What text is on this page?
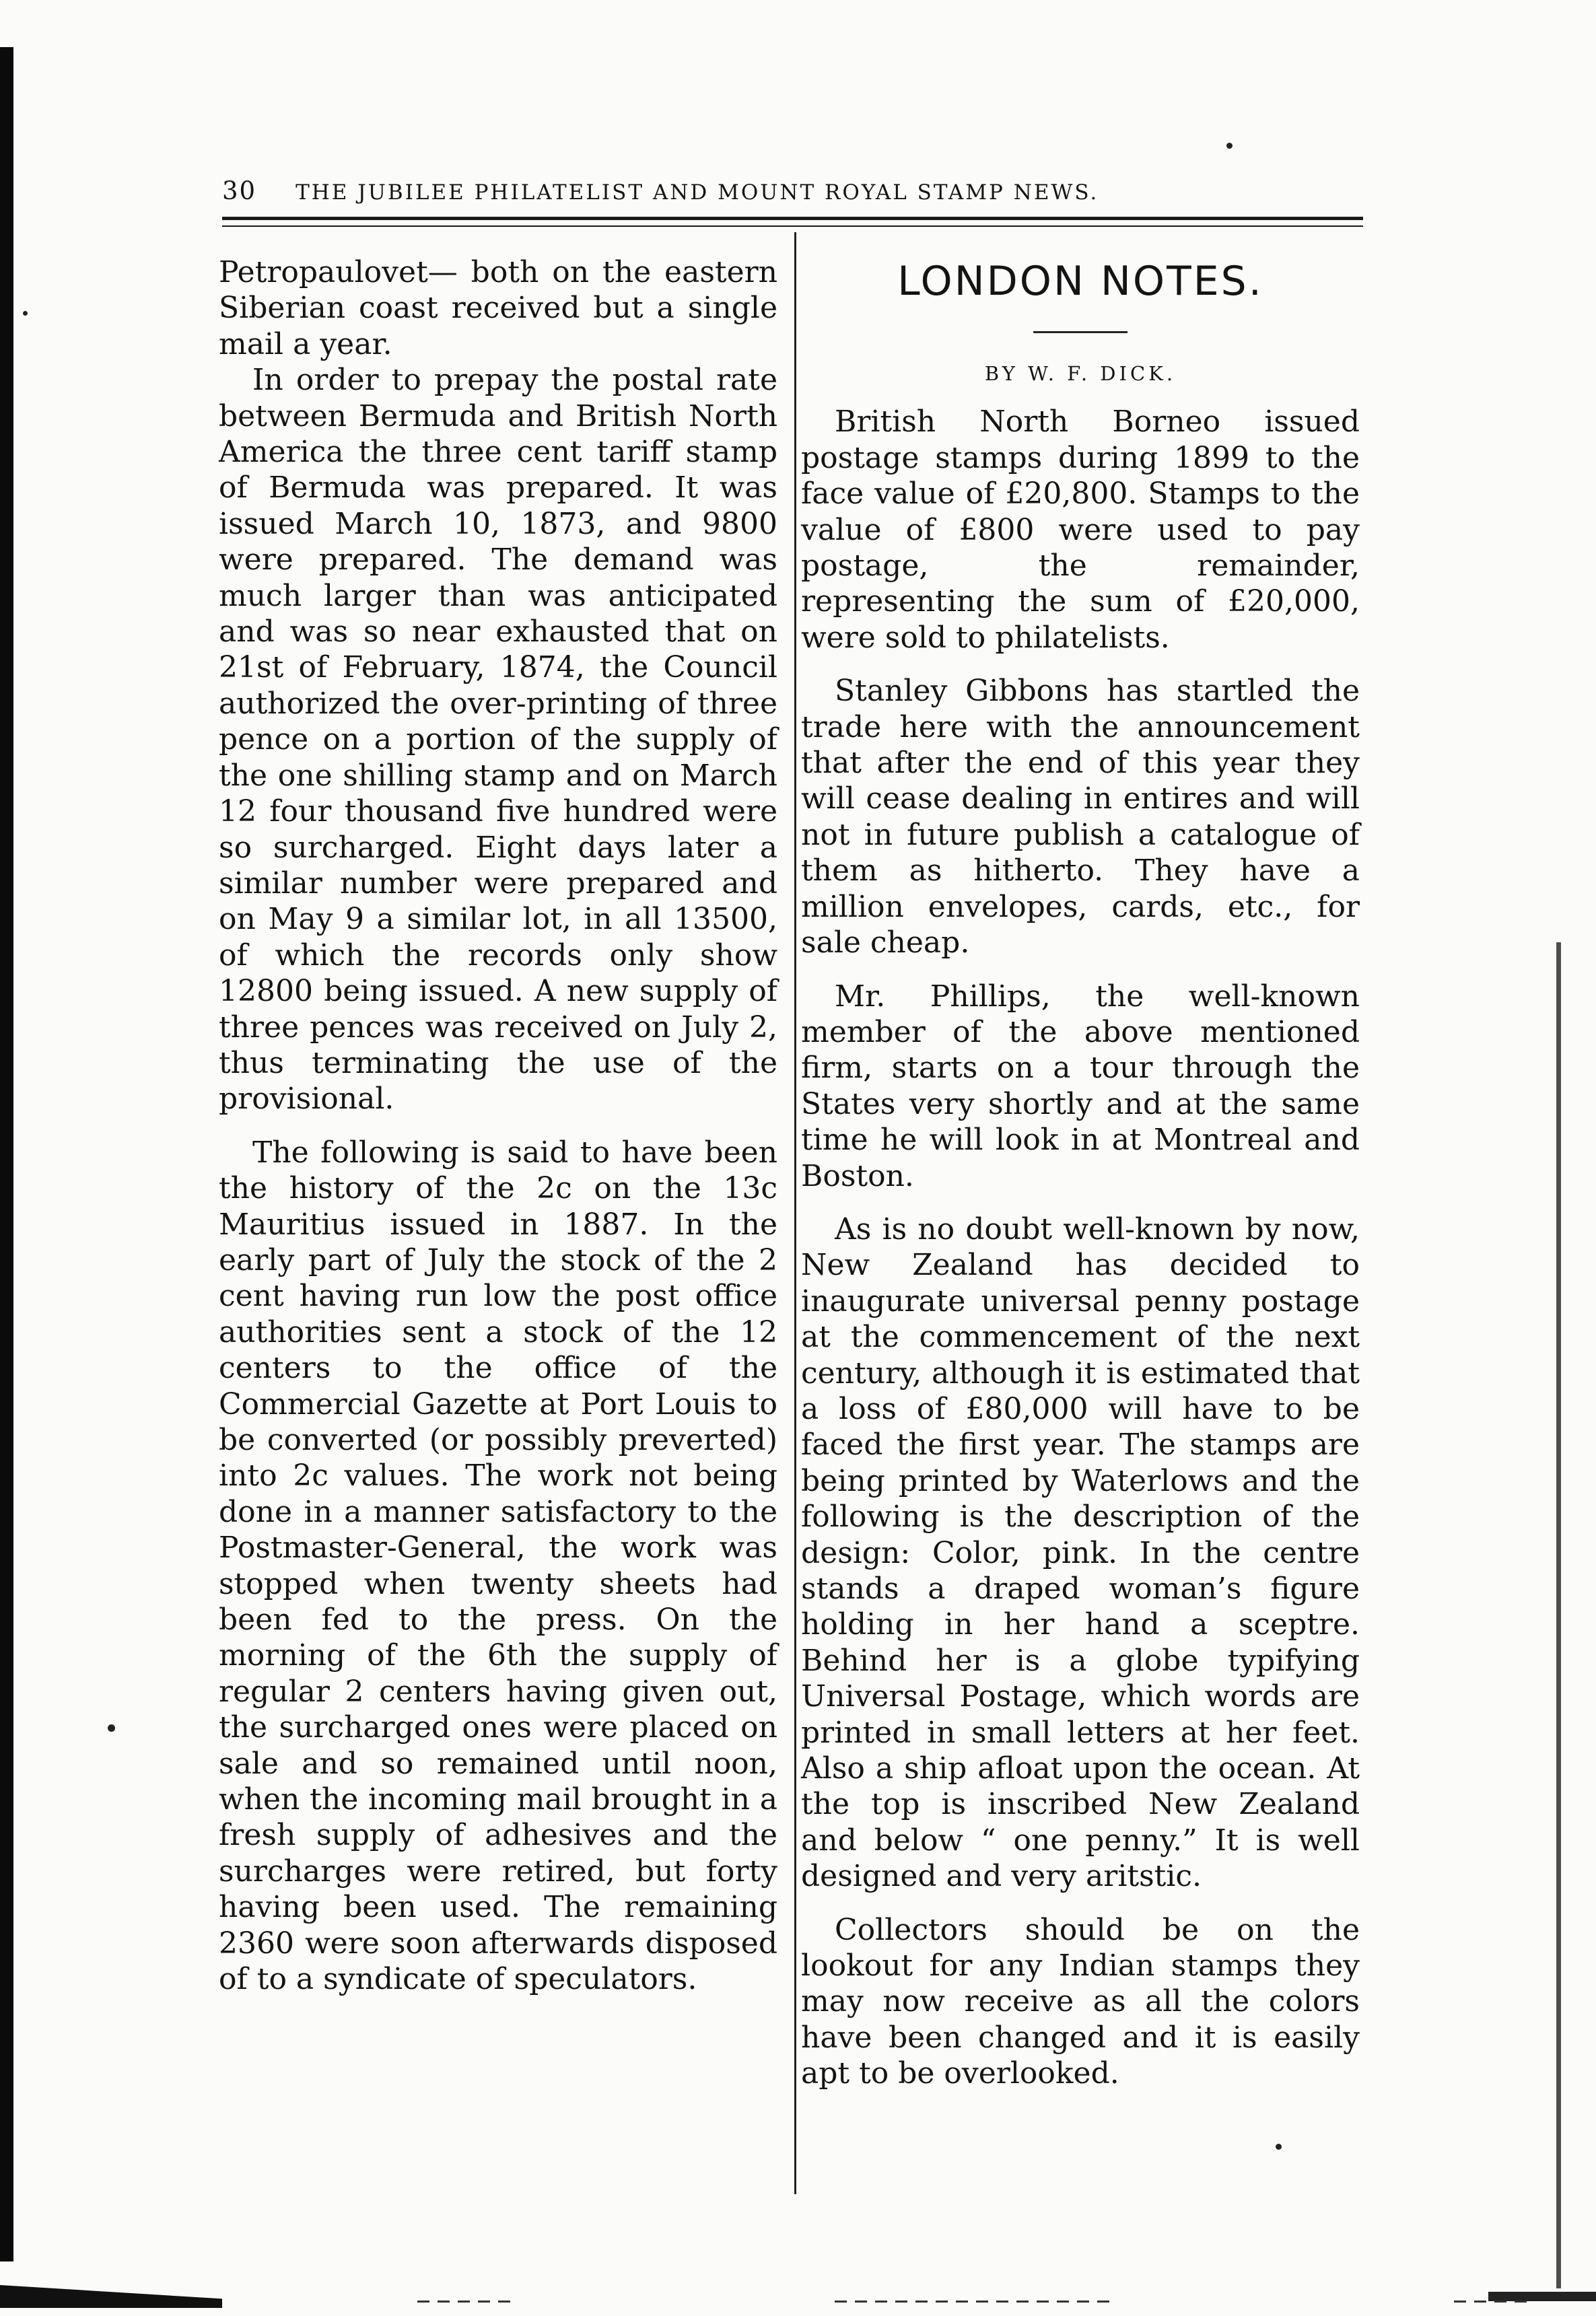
30 THE JUBILEE PHILATELIST AND MOUNT ROYAL STAMP NEWS.

Petropaulovet— both on the eastern Siberian coast received but a single mail a year.

In order to prepay the postal rate between Bermuda and British North America the three cent tariff stamp of Bermuda was prepared. It was issued March 10, 1873, and 9800 were prepared. The demand was much larger than was anticipated and was so near exhausted that on 21st of February, 1874, the Council authorized the over-printing of three pence on a portion of the supply of the one shilling stamp and on March 12 four thousand five hundred were so surcharged. Eight days later a similar number were prepared and on May 9 a similar lot, in all 13500, of which the records only show 12800 being issued. A new supply of three pences was received on July 2, thus terminating the use of the provisional.

The following is said to have been the history of the 2c on the 13c Mauritius issued in 1887. In the early part of July the stock of the 2 cent having run low the post office authorities sent a stock of the 12 centers to the office of the Commercial Gazette at Port Louis to be converted (or possibly preverted) into 2c values. The work not being done in a manner satisfactory to the Postmaster-General, the work was stopped when twenty sheets had been fed to the press. On the morning of the 6th the supply of regular 2 centers having given out, the surcharged ones were placed on sale and so remained until noon, when the incoming mail brought in a fresh supply of adhesives and the surcharges were retired, but forty having been used. The remaining 2360 were soon afterwards disposed of to a syndicate of speculators.

LONDON NOTES.
BY W. F. DICK.

British North Borneo issued postage stamps during 1899 to the face value of £20,800. Stamps to the value of £800 were used to pay postage, the remainder, representing the sum of £20,000, were sold to philatelists.

Stanley Gibbons has startled the trade here with the announcement that after the end of this year they will cease dealing in entires and will not in future publish a catalogue of them as hitherto. They have a million envelopes, cards, etc., for sale cheap.

Mr. Phillips, the well-known member of the above mentioned firm, starts on a tour through the States very shortly and at the same time he will look in at Montreal and Boston.

As is no doubt well-known by now, New Zealand has decided to inaugurate universal penny postage at the commencement of the next century, although it is estimated that a loss of £80,000 will have to be faced the first year. The stamps are being printed by Waterlows and the following is the description of the design: Color, pink. In the centre stands a draped woman’s figure holding in her hand a sceptre. Behind her is a globe typifying Universal Postage, which words are printed in small letters at her feet. Also a ship afloat upon the ocean. At the top is inscribed New Zealand and below “ one penny.” It is well designed and very aritstic.

Collectors should be on the lookout for any Indian stamps they may now receive as all the colors have been changed and it is easily apt to be overlooked.
